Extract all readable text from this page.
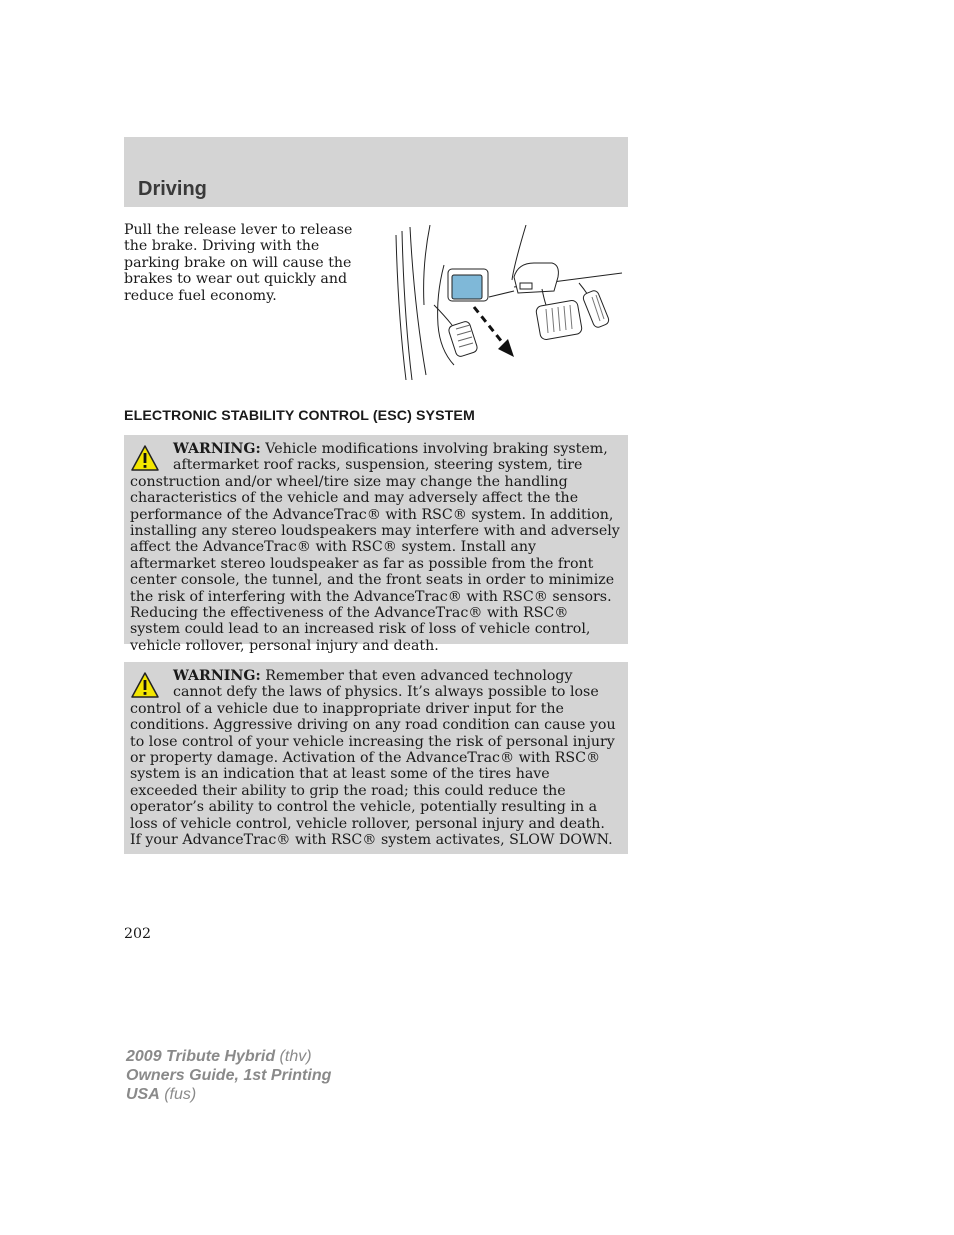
Driving

Pull the release lever to release the brake. Driving with the parking brake on will cause the brakes to wear out quickly and reduce fuel economy.

ELECTRONIC STABILITY CONTROL (ESC) SYSTEM

WARNING: Vehicle modifications involving braking system, aftermarket roof racks, suspension, steering system, tire construction and/or wheel/tire size may change the handling characteristics of the vehicle and may adversely affect the the performance of the AdvanceTrac® with RSC® system. In addition, installing any stereo loudspeakers may interfere with and adversely affect the AdvanceTrac® with RSC® system. Install any aftermarket stereo loudspeaker as far as possible from the front center console, the tunnel, and the front seats in order to minimize the risk of interfering with the AdvanceTrac® with RSC® sensors. Reducing the effectiveness of the AdvanceTrac® with RSC® system could lead to an increased risk of loss of vehicle control, vehicle rollover, personal injury and death.

WARNING: Remember that even advanced technology cannot defy the laws of physics. It’s always possible to lose control of a vehicle due to inappropriate driver input for the conditions. Aggressive driving on any road condition can cause you to lose control of your vehicle increasing the risk of personal injury or property damage. Activation of the AdvanceTrac® with RSC® system is an indication that at least some of the tires have exceeded their ability to grip the road; this could reduce the operator’s ability to control the vehicle, potentially resulting in a loss of vehicle control, vehicle rollover, personal injury and death. If your AdvanceTrac® with RSC® system activates, SLOW DOWN.

202

2009 Tribute Hybrid (thv)
Owners Guide, 1st Printing
USA (fus)
